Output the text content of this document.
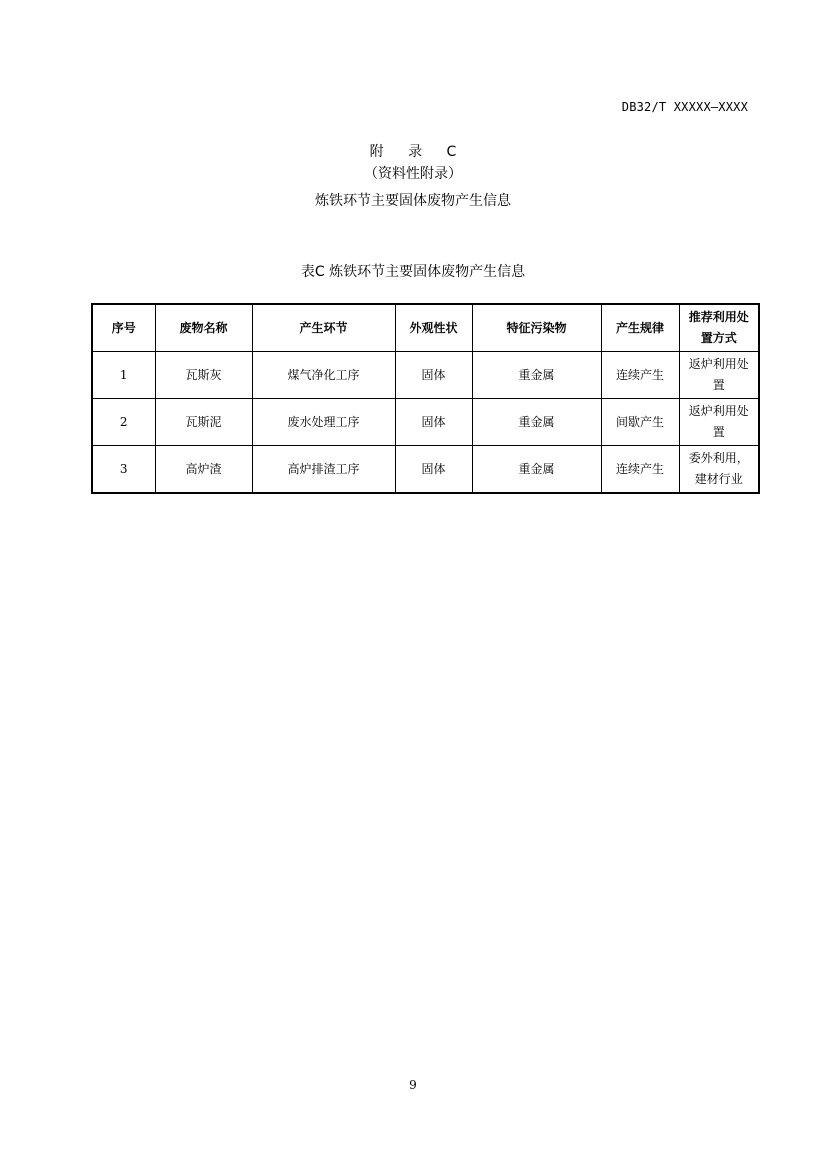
DB32/T XXXXX—XXXX
附 录 C
（资料性附录）
炼铁环节主要固体废物产生信息
表C 炼铁环节主要固体废物产生信息
序号	废物名称	产生环节	外观性状	特征污染物	产生规律	推荐利用处置方式
1	瓦斯灰	煤气净化工序	固体	重金属	连续产生	返炉利用处置
2	瓦斯泥	废水处理工序	固体	重金属	间歇产生	返炉利用处置
3	高炉渣	高炉排渣工序	固体	重金属	连续产生	委外利用，建材行业
9
